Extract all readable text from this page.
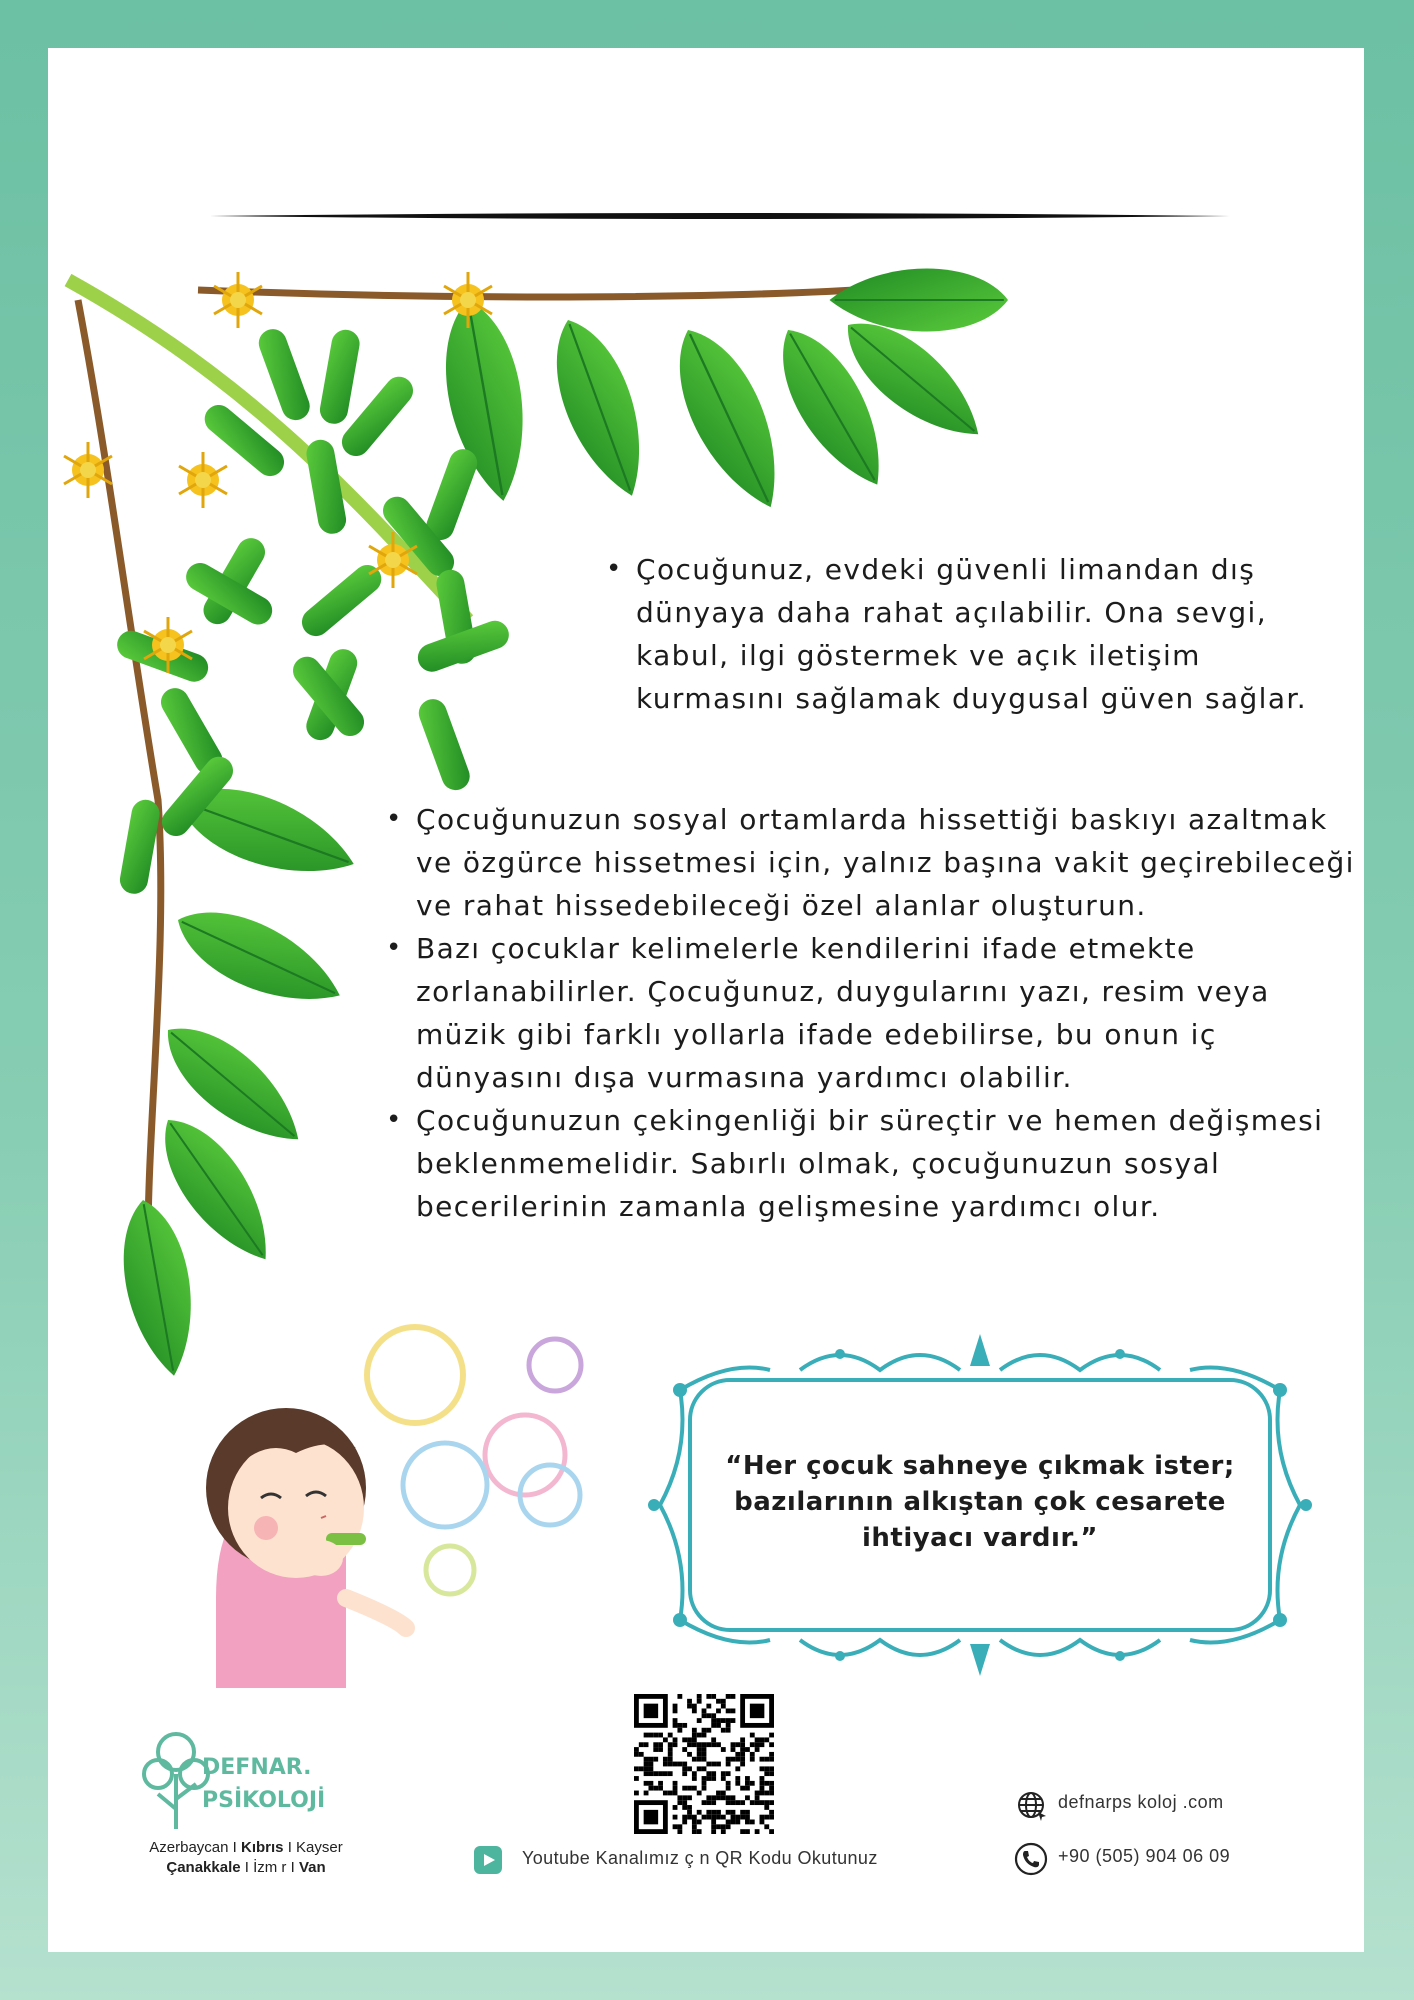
• Çocuğunuz, evdeki güvenli limandan dış dünyaya daha rahat açılabilir. Ona sevgi, kabul, ilgi göstermek ve açık iletişim kurmasını sağlamak duygusal güven sağlar.
• Çocuğunuzun sosyal ortamlarda hissettiği baskıyı azaltmak ve özgürce hissetmesi için, yalnız başına vakit geçirebileceği ve rahat hissedebileceği özel alanlar oluşturun.
• Bazı çocuklar kelimelerle kendilerini ifade etmekte zorlanabilirler. Çocuğunuz, duygularını yazı, resim veya müzik gibi farklı yollarla ifade edebilirse, bu onun iç dünyasını dışa vurmasına yardımcı olabilir.
• Çocuğunuzun çekingenliği bir süreçtir ve hemen değişmesi beklenmemelidir. Sabırlı olmak, çocuğunuzun sosyal becerilerinin zamanla gelişmesine yardımcı olur.
“Her çocuk sahneye çıkmak ister;
bazılarının alkıştan çok cesarete
ihtiyacı vardır.”
DEFNAR.
PSİKOLOJİ
Azerbaycan I Kıbrıs I Kayser
Çanakkale I İzm r I Van	Youtube Kanalımız ç n QR Kodu Okutunuz
defnarps koloj .com
+90 (505) 904 06 09
